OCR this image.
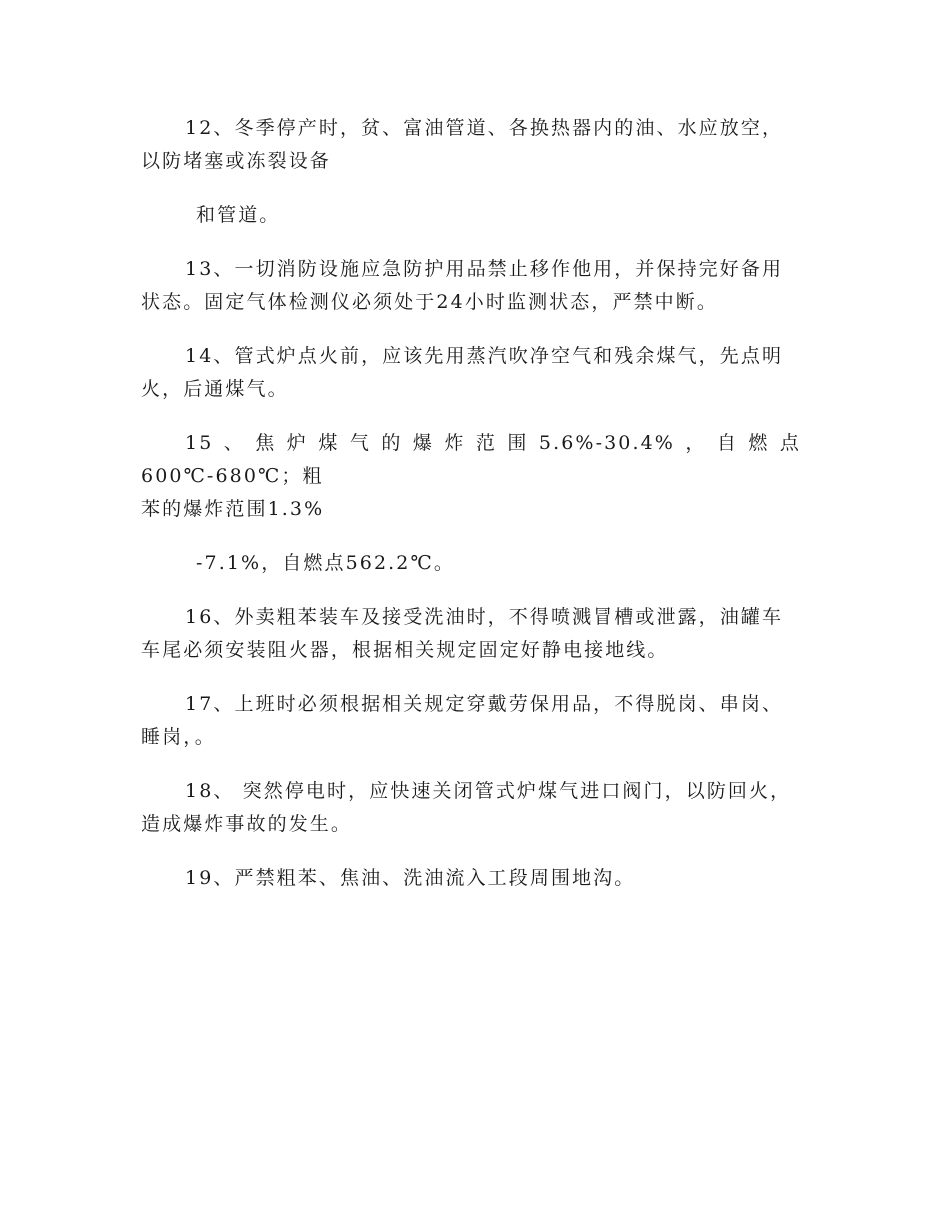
12、冬季停产时，贫、富油管道、各换热器内的油、水应放空，
以防堵塞或冻裂设备

和管道。

13、一切消防设施应急防护用品禁止移作他用，并保持完好备用
状态。固定气体检测仪必须处于24小时监测状态，严禁中断。

14、管式炉点火前，应该先用蒸汽吹净空气和残余煤气，先点明
火，后通煤气。

15、焦炉煤气的爆炸范围5.6%-30.4%，自燃点600℃-680℃；粗
苯的爆炸范围1.3%

-7.1%，自燃点562.2℃。

16、外卖粗苯装车及接受洗油时，不得喷溅冒槽或泄露，油罐车
车尾必须安装阻火器，根据相关规定固定好静电接地线。

17、上班时必须根据相关规定穿戴劳保用品，不得脱岗、串岗、
睡岗，。

18、 突然停电时，应快速关闭管式炉煤气进口阀门，以防回火，
造成爆炸事故的发生。

19、严禁粗苯、焦油、洗油流入工段周围地沟。
